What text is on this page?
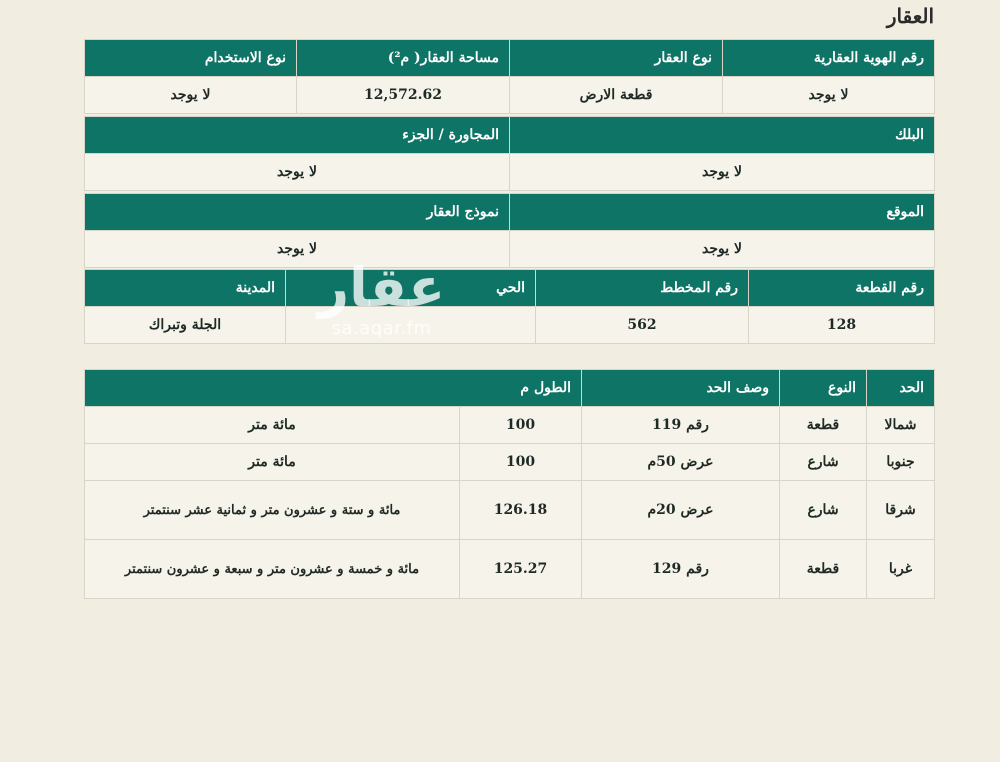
العقار
رقم الهوية العقارية	نوع العقار	مساحة العقار( م²)	نوع الاستخدام
لا يوجد	قطعة الارض	12,572.62	لا يوجد
البلك	المجاورة / الجزء
لا يوجد	لا يوجد
الموقع	نموذج العقار
لا يوجد	لا يوجد
رقم القطعة	رقم المخطط	الحي	المدينة
128	562		الجلة وتبراك
الحد	النوع	وصف الحد	الطول م	
شمالا	قطعة	رقم 119	100	مائة متر
جنوبا	شارع	عرض 50م	100	مائة متر
شرقا	شارع	عرض 20م	126.18	مائة و ستة و عشرون متر و ثمانية عشر سنتمتر
غربا	قطعة	رقم 129	125.27	مائة و خمسة و عشرون متر و سبعة و عشرون سنتمتر
عقار
sa.aqar.fm
